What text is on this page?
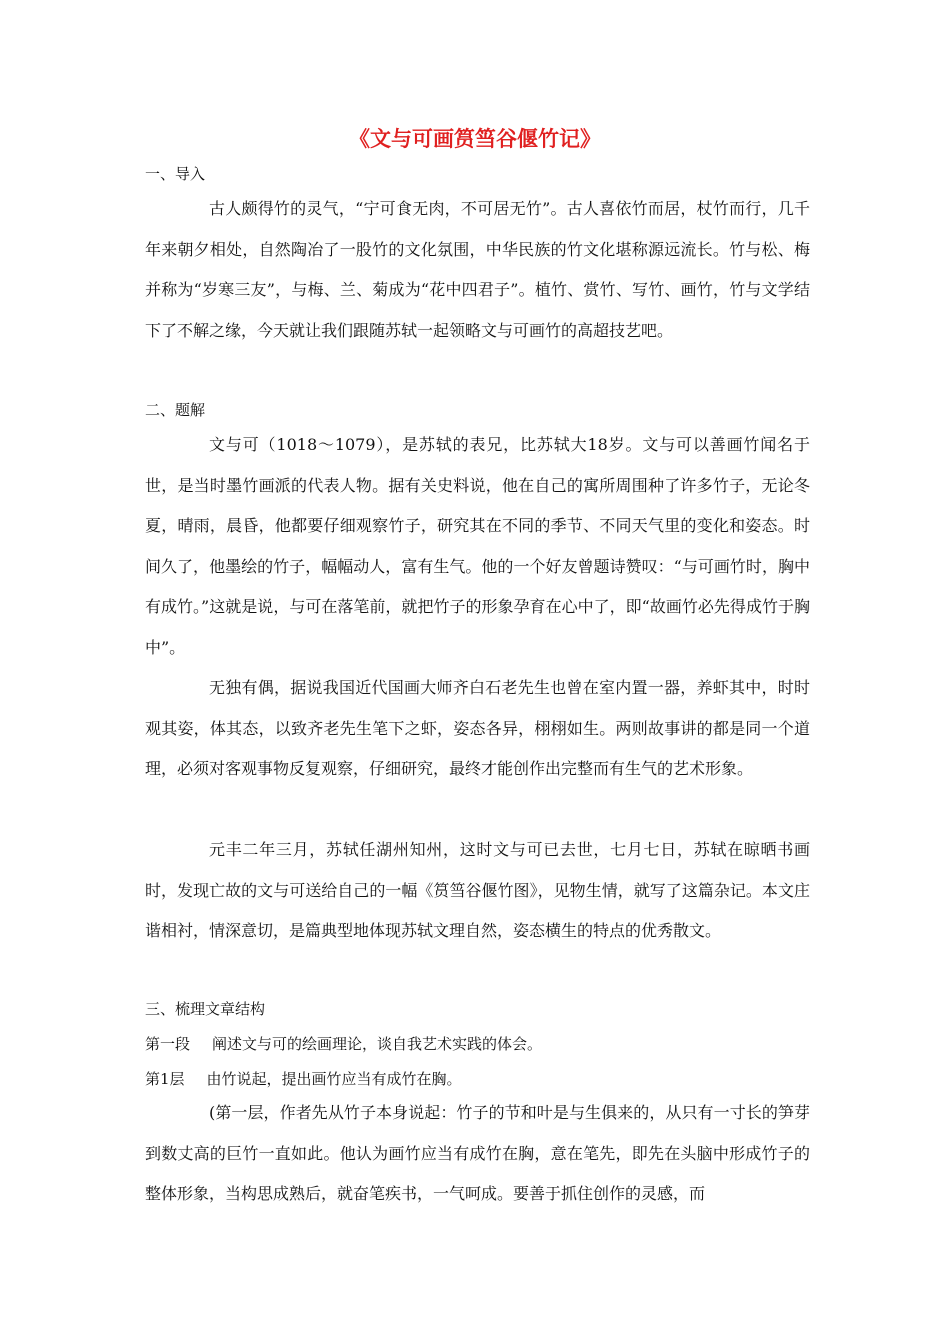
《文与可画筼筜谷偃竹记》
一、导入
古人颇得竹的灵气，“宁可食无肉，不可居无竹”。古人喜依竹而居，杖竹而行，几千年来朝夕相处，自然陶冶了一股竹的文化氛围，中华民族的竹文化堪称源远流长。竹与松、梅并称为“岁寒三友”，与梅、兰、菊成为“花中四君子”。植竹、赏竹、写竹、画竹，竹与文学结下了不解之缘，今天就让我们跟随苏轼一起领略文与可画竹的高超技艺吧。
二、题解
文与可（1018～1079），是苏轼的表兄，比苏轼大18岁。文与可以善画竹闻名于世，是当时墨竹画派的代表人物。据有关史料说，他在自己的寓所周围种了许多竹子，无论冬夏，晴雨，晨昏，他都要仔细观察竹子，研究其在不同的季节、不同天气里的变化和姿态。时间久了，他墨绘的竹子，幅幅动人，富有生气。他的一个好友曾题诗赞叹：“与可画竹时，胸中有成竹。”这就是说，与可在落笔前，就把竹子的形象孕育在心中了，即“故画竹必先得成竹于胸中”。
无独有偶，据说我国近代国画大师齐白石老先生也曾在室内置一器，养虾其中，时时观其姿，体其态，以致齐老先生笔下之虾，姿态各异，栩栩如生。两则故事讲的都是同一个道理，必须对客观事物反复观察，仔细研究，最终才能创作出完整而有生气的艺术形象。
元丰二年三月，苏轼任湖州知州，这时文与可已去世，七月七日，苏轼在晾晒书画时，发现亡故的文与可送给自己的一幅《筼筜谷偃竹图》，见物生情，就写了这篇杂记。本文庄谐相衬，情深意切，是篇典型地体现苏轼文理自然，姿态横生的特点的优秀散文。
三、梳理文章结构
第一段 阐述文与可的绘画理论，谈自我艺术实践的体会。
第1层 由竹说起，提出画竹应当有成竹在胸。
(第一层，作者先从竹子本身说起：竹子的节和叶是与生俱来的，从只有一寸长的笋芽到数丈高的巨竹一直如此。他认为画竹应当有成竹在胸，意在笔先，即先在头脑中形成竹子的整体形象，当构思成熟后，就奋笔疾书，一气呵成。要善于抓住创作的灵感，而
